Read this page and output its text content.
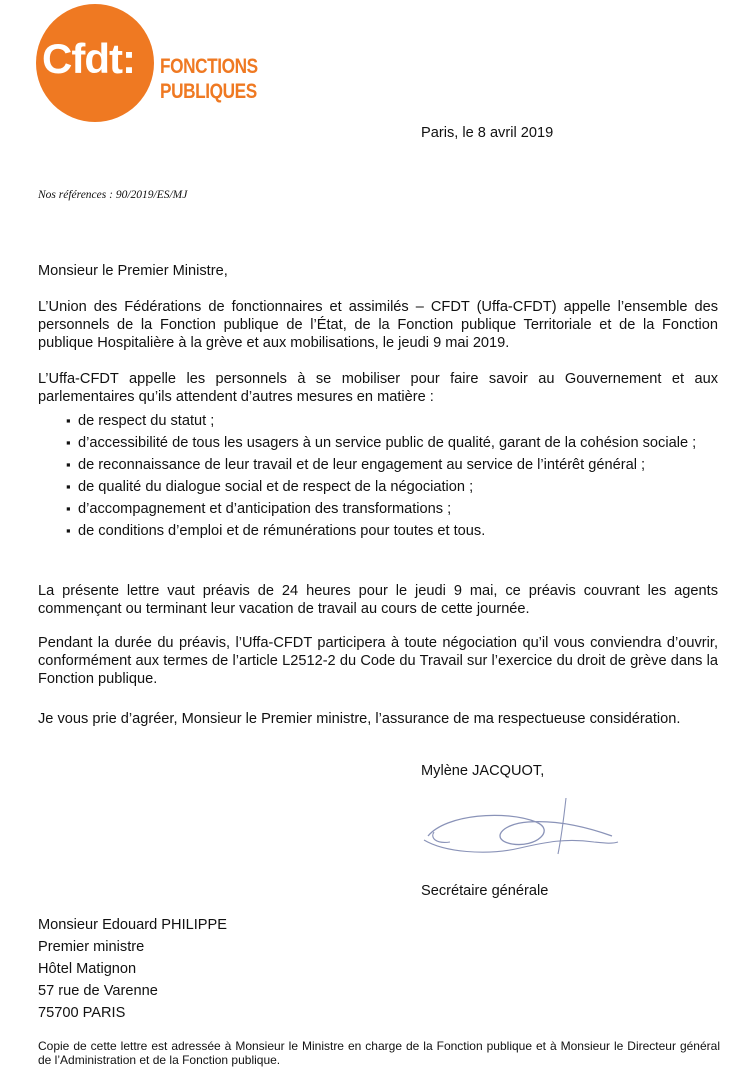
Cfdt:	FONCTIONS
PUBLIQUES
Paris, le 8 avril 2019
Nos références : 90/2019/ES/MJ
Monsieur le Premier Ministre,
L’Union des Fédérations de fonctionnaires et assimilés – CFDT (Uffa-CFDT) appelle l’ensemble des personnels de la Fonction publique de l’État, de la Fonction publique Territoriale et de la Fonction publique Hospitalière à la grève et aux mobilisations, le jeudi 9 mai 2019.
L’Uffa-CFDT appelle les personnels à se mobiliser pour faire savoir au Gouvernement et aux parlementaires qu’ils attendent d’autres mesures en matière :
▪ de respect du statut ;
▪ d’accessibilité de tous les usagers à un service public de qualité, garant de la cohésion sociale ;
▪ de reconnaissance de leur travail et de leur engagement au service de l’intérêt général ;
▪ de qualité du dialogue social et de respect de la négociation ;
▪ d’accompagnement et d’anticipation des transformations ;
▪ de conditions d’emploi et de rémunérations pour toutes et tous.
La présente lettre vaut préavis de 24 heures pour le jeudi 9 mai, ce préavis couvrant les agents commençant ou terminant leur vacation de travail au cours de cette journée.
Pendant la durée du préavis, l’Uffa-CFDT participera à toute négociation qu’il vous conviendra d’ouvrir, conformément aux termes de l’article L2512-2 du Code du Travail sur l’exercice du droit de grève dans la Fonction publique.
Je vous prie d’agréer, Monsieur le Premier ministre, l’assurance de ma respectueuse considération.
Mylène JACQUOT,
Secrétaire générale
Monsieur Edouard PHILIPPE
Premier ministre
Hôtel Matignon
57 rue de Varenne
75700 PARIS
Copie de cette lettre est adressée à Monsieur le Ministre en charge de la Fonction publique et à Monsieur le Directeur général de l’Administration et de la Fonction publique.
